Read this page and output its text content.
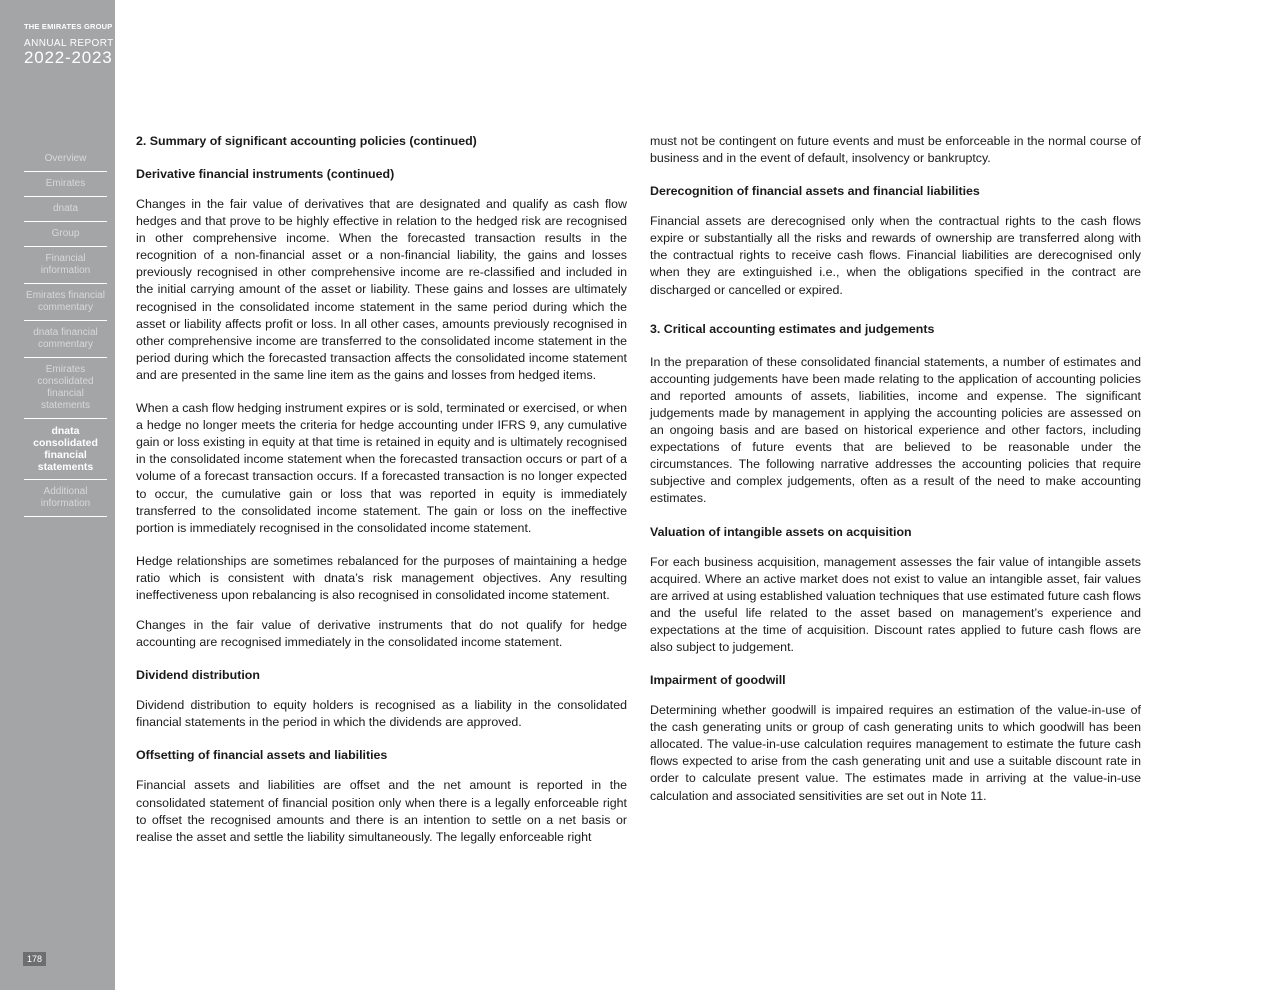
THE EMIRATES GROUP
ANNUAL REPORT
2022-2023
Overview
Emirates
dnata
Group
Financial information
Emirates financial commentary
dnata financial commentary
Emirates consolidated financial statements
dnata consolidated financial statements
Additional information
178
2. Summary of significant accounting policies (continued)
Derivative financial instruments (continued)

Changes in the fair value of derivatives that are designated and qualify as cash flow hedges and that prove to be highly effective in relation to the hedged risk are recognised in other comprehensive income. When the forecasted transaction results in the recognition of a non-financial asset or a non-financial liability, the gains and losses previously recognised in other comprehensive income are re-classified and included in the initial carrying amount of the asset or liability. These gains and losses are ultimately recognised in the consolidated income statement in the same period during which the asset or liability affects profit or loss. In all other cases, amounts previously recognised in other comprehensive income are transferred to the consolidated income statement in the period during which the forecasted transaction affects the consolidated income statement and are presented in the same line item as the gains and losses from hedged items.

When a cash flow hedging instrument expires or is sold, terminated or exercised, or when a hedge no longer meets the criteria for hedge accounting under IFRS 9, any cumulative gain or loss existing in equity at that time is retained in equity and is ultimately recognised in the consolidated income statement when the forecasted transaction occurs or part of a volume of a forecast transaction occurs. If a forecasted transaction is no longer expected to occur, the cumulative gain or loss that was reported in equity is immediately transferred to the consolidated income statement. The gain or loss on the ineffective portion is immediately recognised in the consolidated income statement.

Hedge relationships are sometimes rebalanced for the purposes of maintaining a hedge ratio which is consistent with dnata’s risk management objectives. Any resulting ineffectiveness upon rebalancing is also recognised in consolidated income statement.

Changes in the fair value of derivative instruments that do not qualify for hedge accounting are recognised immediately in the consolidated income statement.

Dividend distribution

Dividend distribution to equity holders is recognised as a liability in the consolidated financial statements in the period in which the dividends are approved.

Offsetting of financial assets and liabilities

Financial assets and liabilities are offset and the net amount is reported in the consolidated statement of financial position only when there is a legally enforceable right to offset the recognised amounts and there is an intention to settle on a net basis or realise the asset and settle the liability simultaneously. The legally enforceable right

must not be contingent on future events and must be enforceable in the normal course of business and in the event of default, insolvency or bankruptcy.

Derecognition of financial assets and financial liabilities

Financial assets are derecognised only when the contractual rights to the cash flows expire or substantially all the risks and rewards of ownership are transferred along with the contractual rights to receive cash flows. Financial liabilities are derecognised only when they are extinguished i.e., when the obligations specified in the contract are discharged or cancelled or expired.

3. Critical accounting estimates and judgements

In the preparation of these consolidated financial statements, a number of estimates and accounting judgements have been made relating to the application of accounting policies and reported amounts of assets, liabilities, income and expense. The significant judgements made by management in applying the accounting policies are assessed on an ongoing basis and are based on historical experience and other factors, including expectations of future events that are believed to be reasonable under the circumstances. The following narrative addresses the accounting policies that require subjective and complex judgements, often as a result of the need to make accounting estimates.

Valuation of intangible assets on acquisition

For each business acquisition, management assesses the fair value of intangible assets acquired. Where an active market does not exist to value an intangible asset, fair values are arrived at using established valuation techniques that use estimated future cash flows and the useful life related to the asset based on management’s experience and expectations at the time of acquisition. Discount rates applied to future cash flows are also subject to judgement.

Impairment of goodwill

Determining whether goodwill is impaired requires an estimation of the value-in-use of the cash generating units or group of cash generating units to which goodwill has been allocated. The value-in-use calculation requires management to estimate the future cash flows expected to arise from the cash generating unit and use a suitable discount rate in order to calculate present value. The estimates made in arriving at the value-in-use calculation and associated sensitivities are set out in Note 11.
